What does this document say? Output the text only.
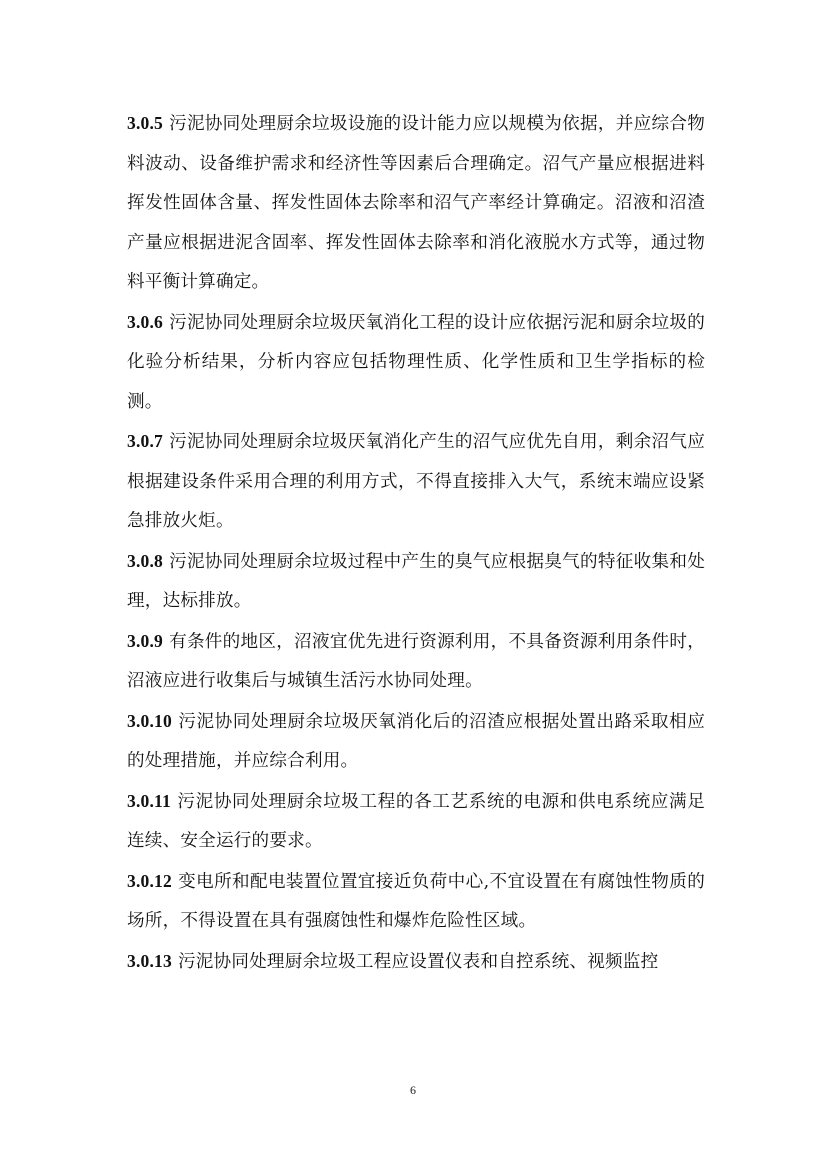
3.0.5 污泥协同处理厨余垃圾设施的设计能力应以规模为依据，并应综合物料波动、设备维护需求和经济性等因素后合理确定。沼气产量应根据进料挥发性固体含量、挥发性固体去除率和沼气产率经计算确定。沼液和沼渣产量应根据进泥含固率、挥发性固体去除率和消化液脱水方式等，通过物料平衡计算确定。

3.0.6 污泥协同处理厨余垃圾厌氧消化工程的设计应依据污泥和厨余垃圾的化验分析结果，分析内容应包括物理性质、化学性质和卫生学指标的检测。

3.0.7 污泥协同处理厨余垃圾厌氧消化产生的沼气应优先自用，剩余沼气应根据建设条件采用合理的利用方式，不得直接排入大气，系统末端应设紧急排放火炬。

3.0.8 污泥协同处理厨余垃圾过程中产生的臭气应根据臭气的特征收集和处理，达标排放。

3.0.9 有条件的地区，沼液宜优先进行资源利用，不具备资源利用条件时，沼液应进行收集后与城镇生活污水协同处理。

3.0.10 污泥协同处理厨余垃圾厌氧消化后的沼渣应根据处置出路采取相应的处理措施，并应综合利用。

3.0.11 污泥协同处理厨余垃圾工程的各工艺系统的电源和供电系统应满足连续、安全运行的要求。

3.0.12 变电所和配电装置位置宜接近负荷中心,不宜设置在有腐蚀性物质的场所，不得设置在具有强腐蚀性和爆炸危险性区域。

3.0.13 污泥协同处理厨余垃圾工程应设置仪表和自控系统、视频监控

6
